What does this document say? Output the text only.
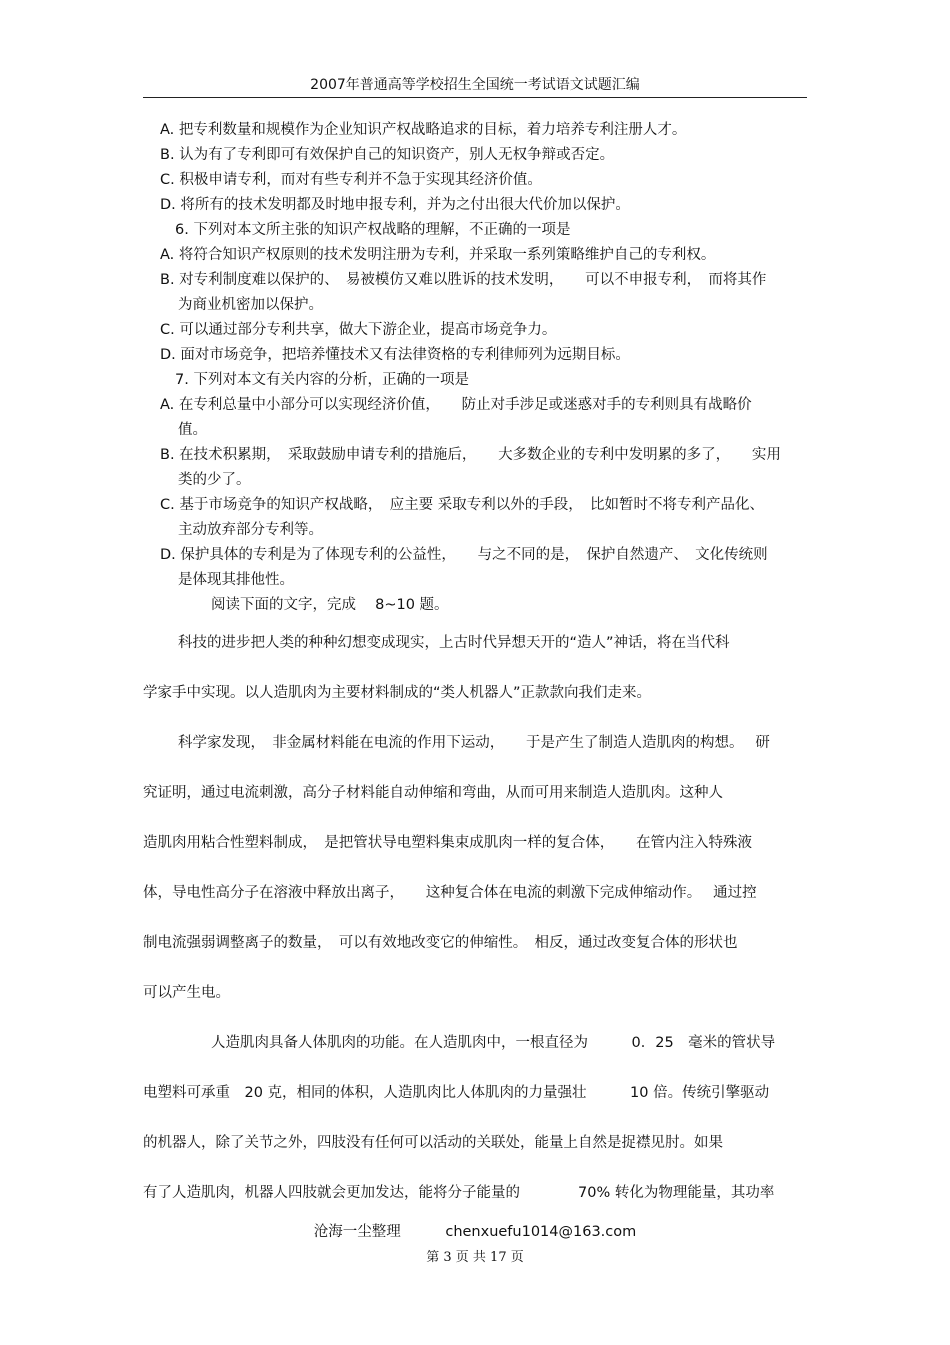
2007年普通高等学校招生全国统一考试语文试题汇编
A. 把专利数量和规模作为企业知识产权战略追求的目标，着力培养专利注册人才。
B. 认为有了专利即可有效保护自己的知识资产，别人无权争辩或否定。
C. 积极申请专利，而对有些专利并不急于实现其经济价值。
D. 将所有的技术发明都及时地申报专利，并为之付出很大代价加以保护。
6. 下列对本文所主张的知识产权战略的理解，不正确的一项是
A. 将符合知识产权原则的技术发明注册为专利，并采取一系列策略维护自己的专利权。
B. 对专利制度难以保护的、　易被模仿又难以胜诉的技术发明，　　可以不申报专利，　而将其作
为商业机密加以保护。
C. 可以通过部分专利共享，做大下游企业，提高市场竞争力。
D. 面对市场竞争，把培养懂技术又有法律资格的专利律师列为远期目标。
7. 下列对本文有关内容的分析，正确的一项是
A. 在专利总量中小部分可以实现经济价值，　　防止对手涉足或迷惑对手的专利则具有战略价
值。
B. 在技术积累期，　采取鼓励申请专利的措施后，　　大多数企业的专利中发明累的多了，　　实用
类的少了。
C. 基于市场竞争的知识产权战略，　应主要 采取专利以外的手段，　比如暂时不将专利产品化、
主动放弃部分专利等。
D. 保护具体的专利是为了体现专利的公益性，　　与之不同的是，　保护自然遗产、　文化传统则
是体现其排他性。
阅读下面的文字，完成　 8~10 题。
科技的进步把人类的种种幻想变成现实，上古时代异想天开的“造人”神话，将在当代科
学家手中实现。以人造肌肉为主要材料制成的“类人机器人”正款款向我们走来。
科学家发现，　非金属材料能在电流的作用下运动，　　于是产生了制造人造肌肉的构想。　 研
究证明，通过电流刺激，高分子材料能自动伸缩和弯曲，从而可用来制造人造肌肉。这种人
造肌肉用粘合性塑料制成，　是把管状导电塑料集束成肌肉一样的复合体，　　在管内注入特殊液
体，导电性高分子在溶液中释放出离子，　　这种复合体在电流的刺激下完成伸缩动作。　 通过控
制电流强弱调整离子的数量，　可以有效地改变它的伸缩性。　相反，通过改变复合体的形状也
可以产生电。
人造肌肉具备人体肌肉的功能。在人造肌肉中，一根直径为　　　0．25　毫米的管状导
电塑料可承重　20 克，相同的体积，人造肌肉比人体肌肉的力量强壮　　　10 倍。传统引擎驱动
的机器人，除了关节之外，四肢没有任何可以活动的关联处，能量上自然是捉襟见肘。如果
有了人造肌肉，机器人四肢就会更加发达，能将分子能量的　　　　70% 转化为物理能量，其功率
沧海一尘整理	chenxuefu1014@163.com
第 3 页 共 17 页
